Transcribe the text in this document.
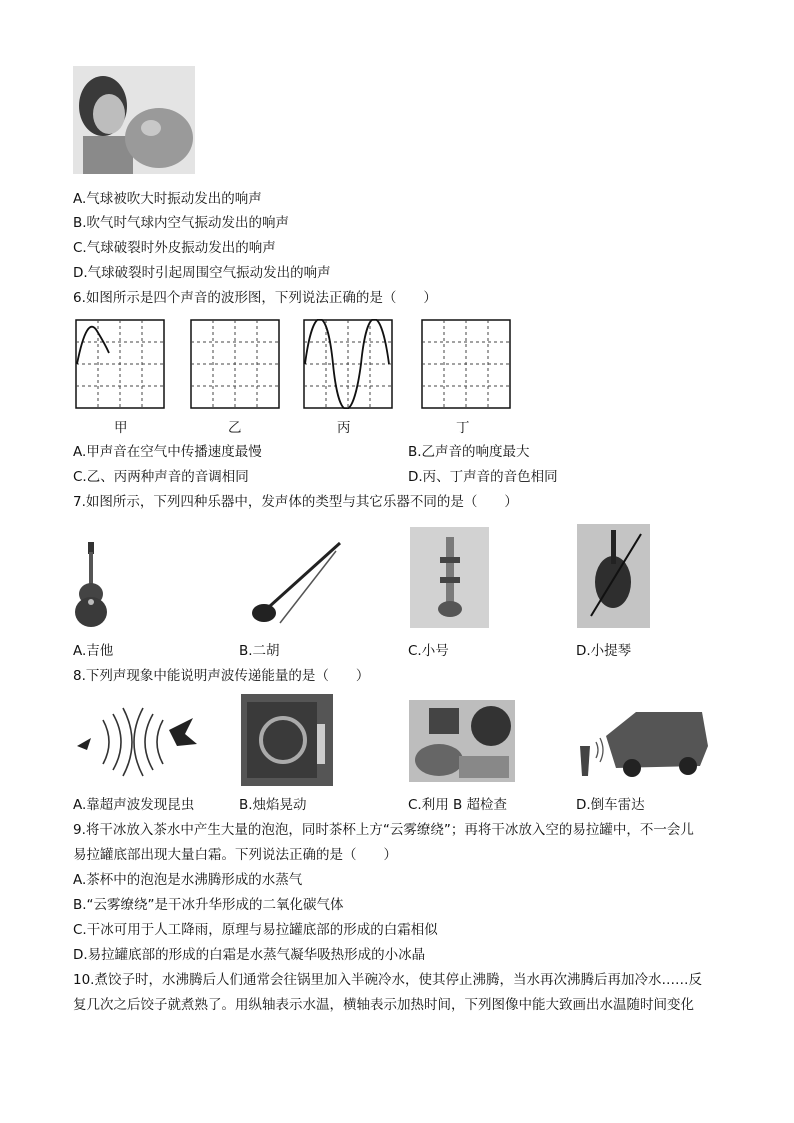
A.气球被吹大时振动发出的响声
B.吹气时气球内空气振动发出的响声
C.气球破裂时外皮振动发出的响声
D.气球破裂时引起周围空气振动发出的响声
6.如图所示是四个声音的波形图，下列说法正确的是（　　）
甲	乙	丙	丁
A.甲声音在空气中传播速度最慢	B.乙声音的响度最大
C.乙、丙两种声音的音调相同	D.丙、丁声音的音色相同
7.如图所示，下列四种乐器中，发声体的类型与其它乐器不同的是（　　）
A.吉他	B.二胡	C.小号	D.小提琴
8.下列声现象中能说明声波传递能量的是（　　）
A.靠超声波发现昆虫	B.烛焰晃动	C.利用 B 超检查	D.倒车雷达
9.将干冰放入茶水中产生大量的泡泡，同时茶杯上方“云雾缭绕”；再将干冰放入空的易拉罐中，不一会儿
易拉罐底部出现大量白霜。下列说法正确的是（　　）
A.茶杯中的泡泡是水沸腾形成的水蒸气
B.“云雾缭绕”是干冰升华形成的二氧化碳气体
C.干冰可用于人工降雨，原理与易拉罐底部的形成的白霜相似
D.易拉罐底部的形成的白霜是水蒸气凝华吸热形成的小冰晶
10.煮饺子时，水沸腾后人们通常会往锅里加入半碗冷水，使其停止沸腾，当水再次沸腾后再加冷水……反
复几次之后饺子就煮熟了。用纵轴表示水温，横轴表示加热时间，下列图像中能大致画出水温随时间变化
